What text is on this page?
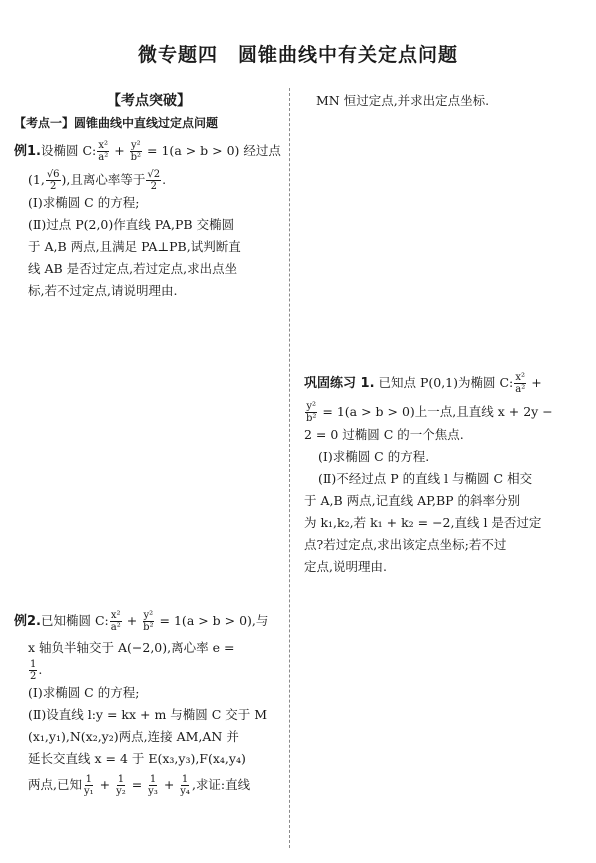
微专题四　圆锥曲线中有关定点问题
【考点突破】
【考点一】圆锥曲线中直线过定点问题
例1.设椭圆 C: $\frac{\text{x²}}{\text{a²}} + \frac{\text{y²}}{\text{b²}} = 1(a > b > 0)$ 经过点
(1, $\frac{√6}{2}$ ),且离心率等于 $\frac{√2}{2}$ .
(Ⅰ)求椭圆 C 的方程;
(Ⅱ)过点 P(2,0)作直线 PA,PB 交椭圆
于 A,B 两点,且满足 PA⊥PB,试判断直
线 AB 是否过定点,若过定点,求出点坐
标,若不过定点,请说明理由.
例2.已知椭圆 C: $\frac{\text{x²}}{\text{a²}} + \frac{\text{y²}}{\text{b²}} = 1(a > b > 0)$,与
x 轴负半轴交于 A(−2,0),离心率 e =
$\frac{1}{2}$ .
(Ⅰ)求椭圆 C 的方程;
(Ⅱ)设直线 l:y = kx + m 与椭圆 C 交于 M
(x₁,y₁),N(x₂,y₂)两点,连接 AM,AN 并
延长交直线 x = 4 于 E(x₃,y₃),F(x₄,y₄)
两点,已知 $\frac{1}{\text{y₁}} + \frac{1}{\text{y₂}} = \frac{1}{\text{y₃}} + \frac{1}{\text{y₄}}$ ,求证:直线
MN 恒过定点,并求出定点坐标.
巩固练习 1. 已知点 P(0,1)为椭圆 C: $\frac{\text{x²}}{\text{a²}}$ +
$\frac{\text{y²}}{\text{b²}} = 1(a > b > 0)$上一点,且直线 x + 2y −
2 = 0 过椭圆 C 的一个焦点.
(Ⅰ)求椭圆 C 的方程.
(Ⅱ)不经过点 P 的直线 l 与椭圆 C 相交
于 A,B 两点,记直线 AP,BP 的斜率分别
为 k₁,k₂,若 k₁ + k₂ = −2,直线 l 是否过定
点?若过定点,求出该定点坐标;若不过
定点,说明理由.
